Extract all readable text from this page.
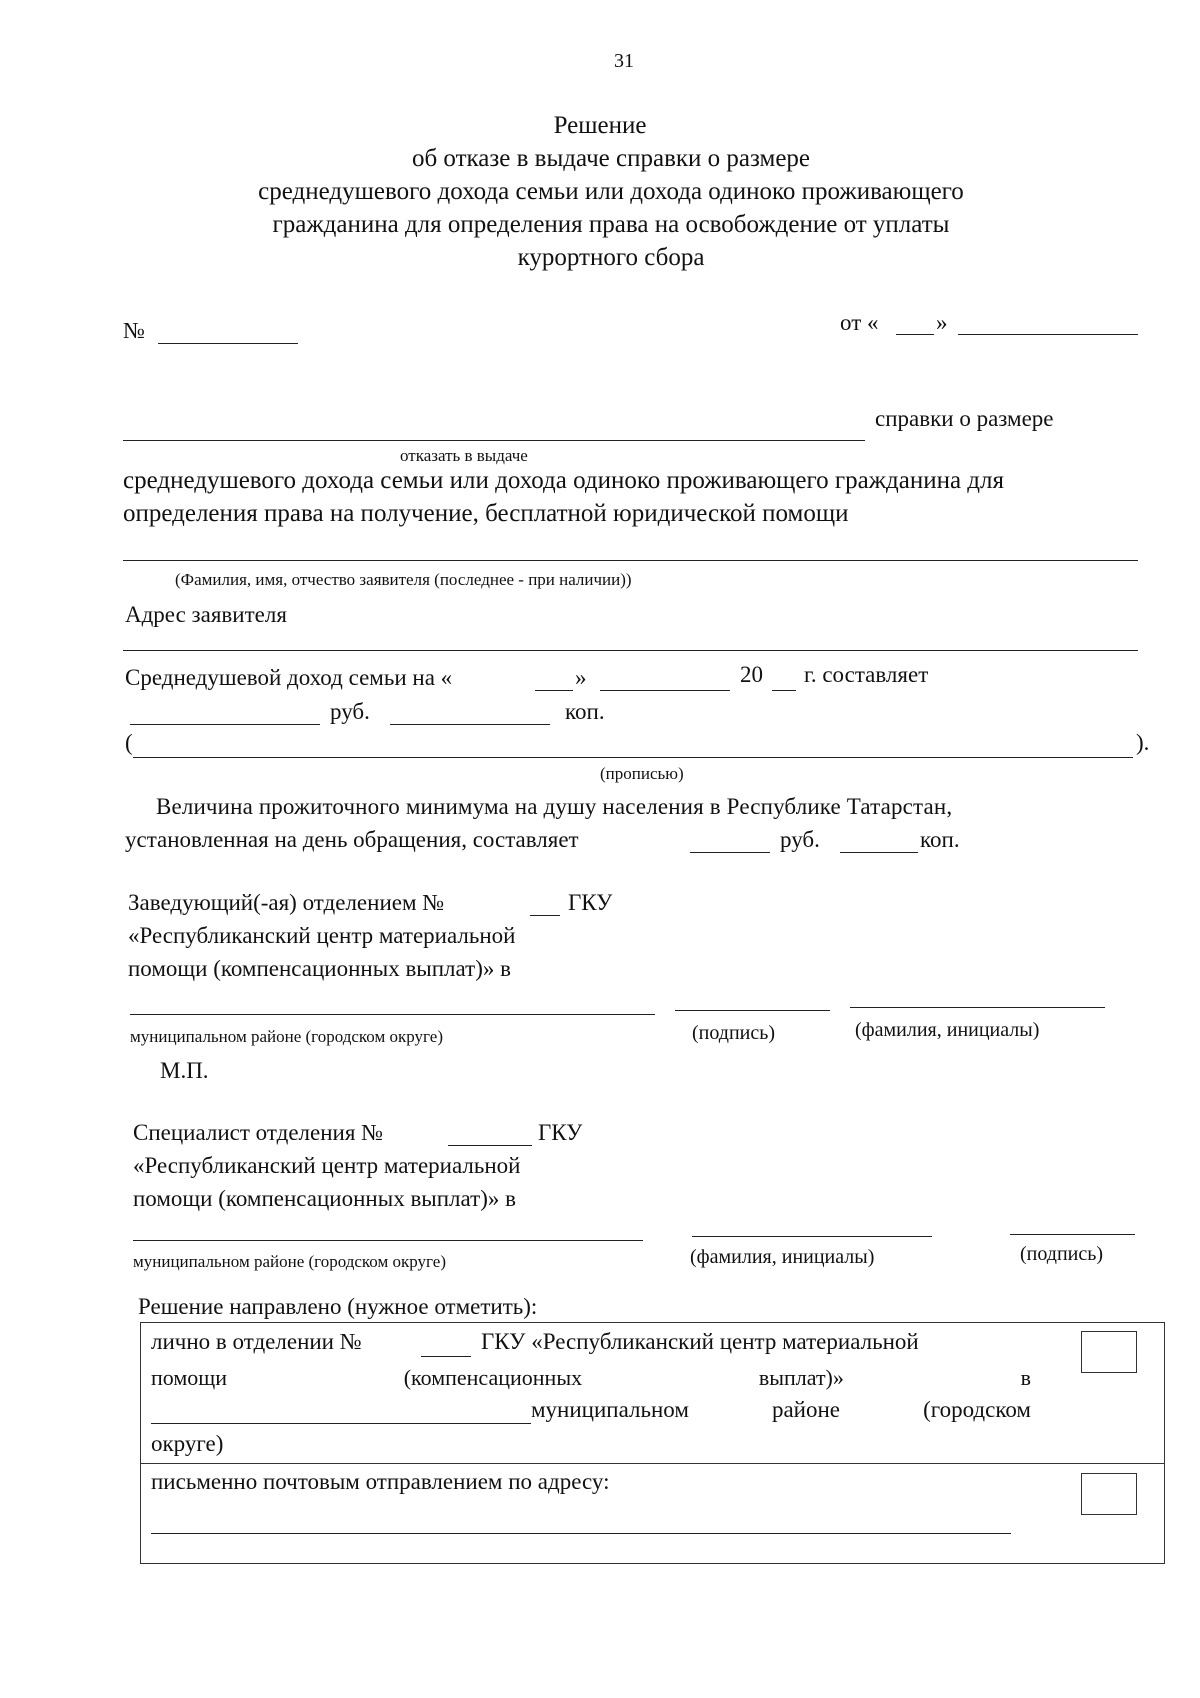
31
Решение
об отказе в выдаче справки о размере
среднедушевого дохода семьи или дохода одиноко проживающего
гражданина для определения права на освобождение от уплаты
курортного сбора
№	от «	»
справки о размере
отказать в выдаче
среднедушевого дохода семьи или дохода одиноко проживающего гражданина для
определения права на получение, бесплатной юридической помощи
(Фамилия, имя, отчество заявителя (последнее - при наличии))
Адрес заявителя
Среднедушевой доход семьи на «	»	20 г. составляет
руб.	коп.
(	).
(прописью)
Величина прожиточного минимума на душу населения в Республике Татарстан,
установленная на день обращения, составляет	руб.	коп.
Заведующий(-ая) отделением №	ГКУ
«Республиканский центр материальной
помощи (компенсационных выплат)» в
муниципальном районе (городском округе)	(подпись)	(фамилия, инициалы)
М.П.
Специалист отделения №	ГКУ
«Республиканский центр материальной
помощи (компенсационных выплат)» в
муниципальном районе (городском округе)	(фамилия, инициалы)	(подпись)
Решение направлено (нужное отметить):
лично в отделении №	ГКУ «Республиканский центр материальной
помощи	(компенсационных	выплат)»	в
муниципальном	районе	(городском
округе)
письменно почтовым отправлением по адресу:
